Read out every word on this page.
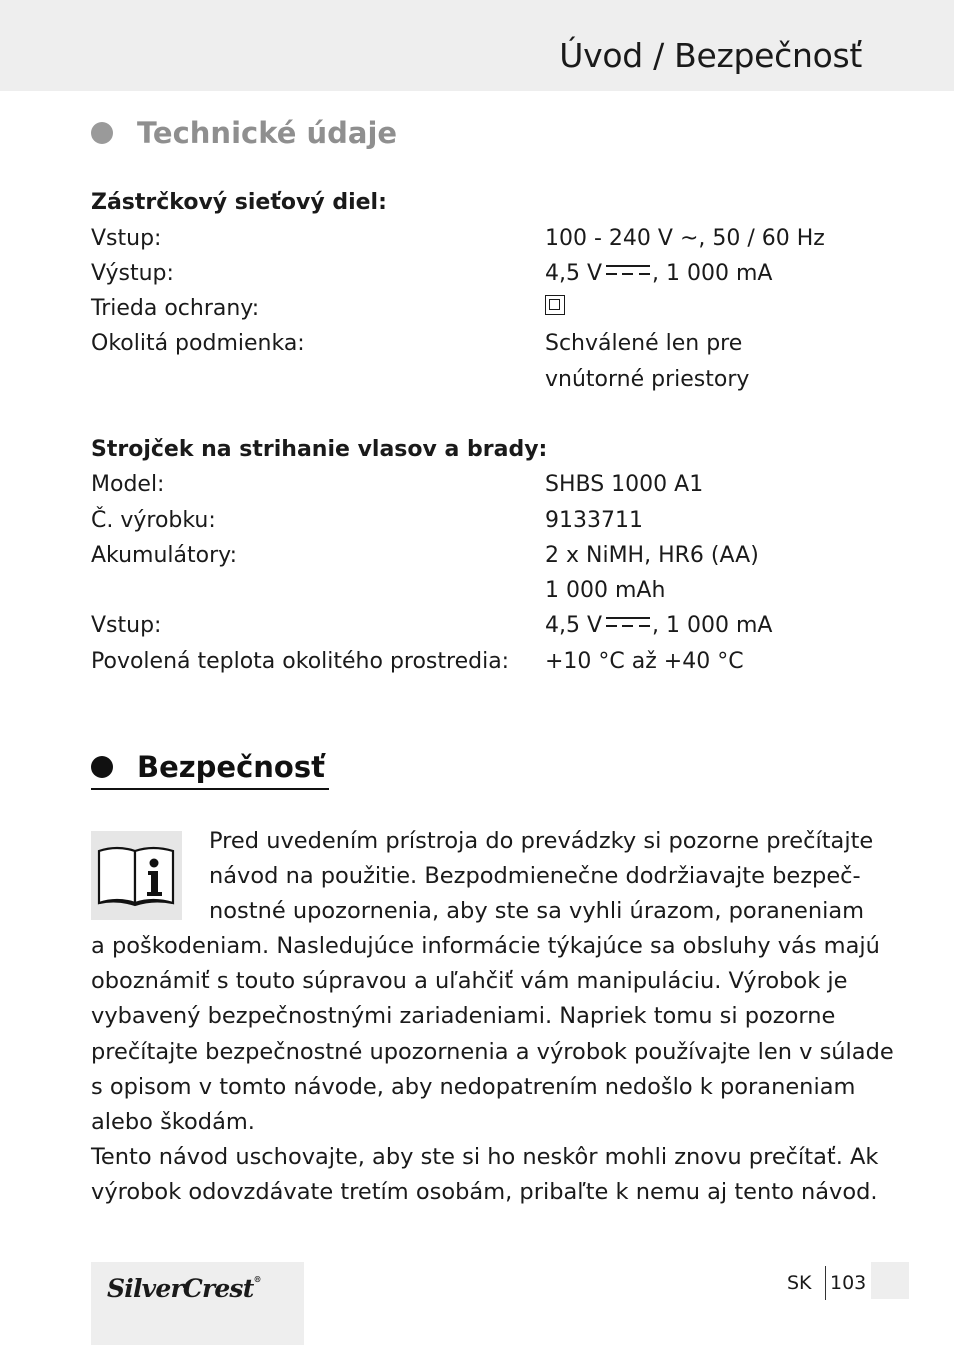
Úvod / Bezpečnosť
Technické údaje
Zástrčkový sieťový diel:
Vstup:	100 - 240 V ~, 50 / 60 Hz
Výstup:	4,5 V , 1 000 mA
Trieda ochrany:
Okolitá podmienka:	Schválené len pre
vnútorné priestory
Strojček na strihanie vlasov a brady:
Model:	SHBS 1000 A1
Č. výrobku:	9133711
Akumulátory:	2 x NiMH, HR6 (AA)
1 000 mAh
Vstup:	4,5 V , 1 000 mA
Povolená teplota okolitého prostredia: +10 °C až +40 °C
Bezpečnosť
Pred uvedením prístroja do prevádzky si pozorne prečítajte
návod na použitie. Bezpodmienečne dodržiavajte bezpeč-
nostné upozornenia, aby ste sa vyhli úrazom, poraneniam
a poškodeniam. Nasledujúce informácie týkajúce sa obsluhy vás majú
oboznámiť s touto súpravou a uľahčiť vám manipuláciu. Výrobok je
vybavený bezpečnostnými zariadeniami. Napriek tomu si pozorne
prečítajte bezpečnostné upozornenia a výrobok používajte len v súlade
s opisom v tomto návode, aby nedopatrením nedošlo k poraneniam
alebo škodám.
Tento návod uschovajte, aby ste si ho neskôr mohli znovu prečítať. Ak
výrobok odovzdávate tretím osobám, pribaľte k nemu aj tento návod.
SilverCrest®	SK 103
